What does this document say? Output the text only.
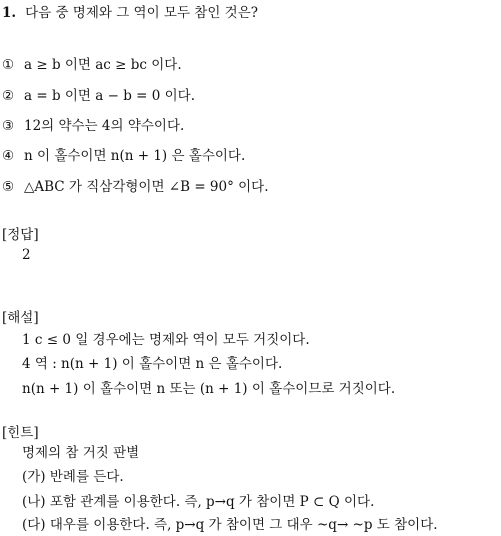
1. 다음 중 명제와 그 역이 모두 참인 것은?
① a ≥ b 이면 ac ≥ bc 이다.
② a = b 이면 a − b = 0 이다.
③ 12의 약수는 4의 약수이다.
④ n 이 홀수이면 n(n + 1) 은 홀수이다.
⑤ △ABC 가 직삼각형이면 ∠B = 90° 이다.
[정답]
2
[해설]
1 c ≤ 0 일 경우에는 명제와 역이 모두 거짓이다.
4 역 : n(n + 1) 이 홀수이면 n 은 홀수이다.
n(n + 1) 이 홀수이면 n 또는 (n + 1) 이 홀수이므로 거짓이다.
[힌트]
명제의 참 거짓 판별
(가) 반례를 든다.
(나) 포함 관계를 이용한다. 즉, p→q 가 참이면 P ⊂ Q 이다.
(다) 대우를 이용한다. 즉, p→q 가 참이면 그 대우 ~q→ ~p 도 참이다.
